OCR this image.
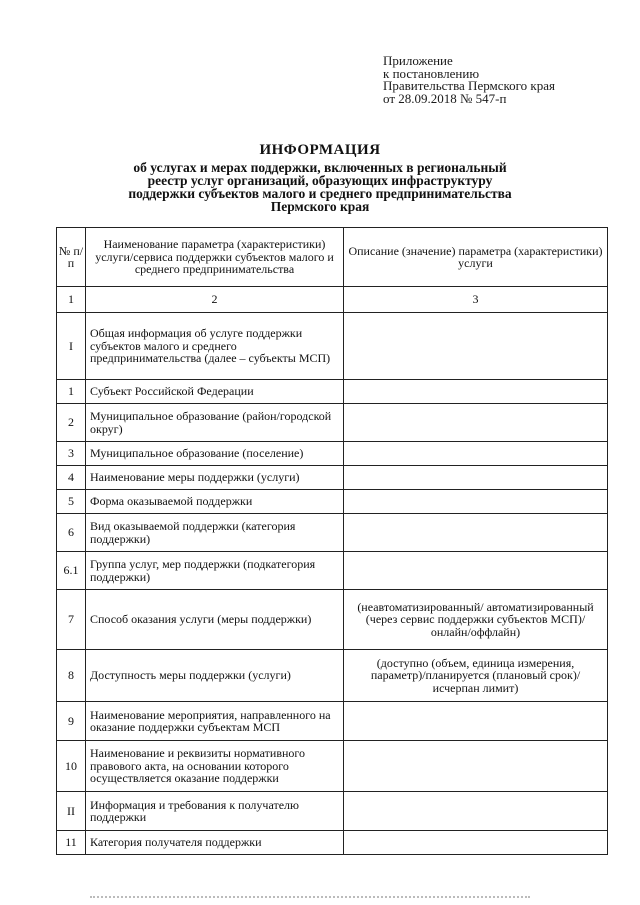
Приложение
к постановлению
Правительства Пермского края
от 28.09.2018 № 547-п
ИНФОРМАЦИЯ
об услугах и мерах поддержки, включенных в региональный
реестр услуг организаций, образующих инфраструктуру
поддержки субъектов малого и среднего предпринимательства
Пермского края
№ п/п	Наименование параметра (характеристики) услуги/сервиса поддержки субъектов малого и среднего предпринимательства	Описание (значение) параметра (характеристики) услуги
1	2	3
I	Общая информация об услуге поддержки субъектов малого и среднего предпринимательства (далее – субъекты МСП)	
1	Субъект Российской Федерации	
2	Муниципальное образование (район/городской округ)	
3	Муниципальное образование (поселение)	
4	Наименование меры поддержки (услуги)	
5	Форма оказываемой поддержки	
6	Вид оказываемой поддержки (категория поддержки)	
6.1	Группа услуг, мер поддержки (подкатегория поддержки)	
7	Способ оказания услуги (меры поддержки)	(неавтоматизированный/ автоматизированный (через сервис поддержки субъектов МСП)/ онлайн/оффлайн)
8	Доступность меры поддержки (услуги)	(доступно (объем, единица измерения, параметр)/планируется (плановый срок)/ исчерпан лимит)
9	Наименование мероприятия, направленного на оказание поддержки субъектам МСП	
10	Наименование и реквизиты нормативного правового акта, на основании которого осуществляется оказание поддержки	
II	Информация и требования к получателю поддержки	
11	Категория получателя поддержки	
